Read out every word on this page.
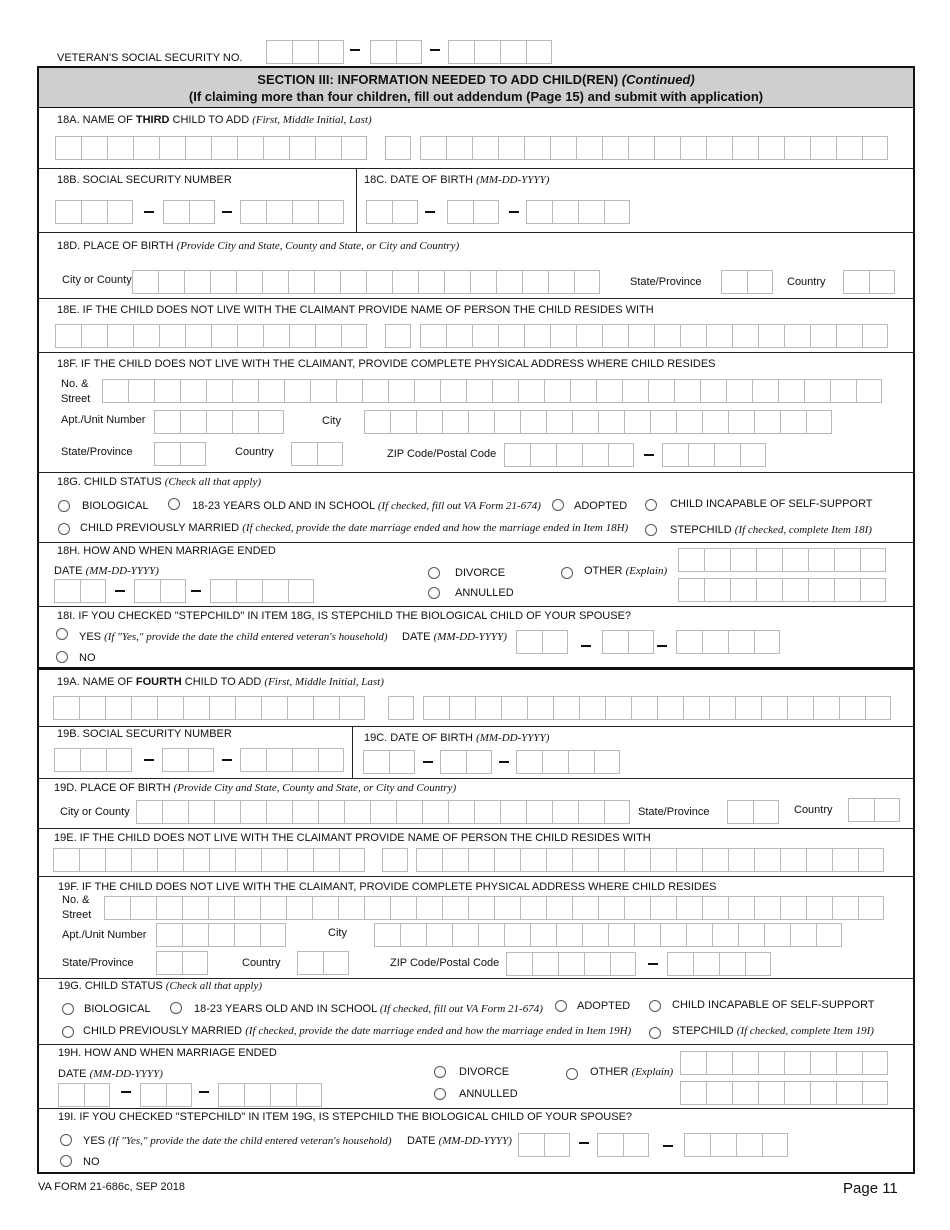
VETERAN'S SOCIAL SECURITY NO.
SECTION III: INFORMATION NEEDED TO ADD CHILD(REN) (Continued)
(If claiming more than four children, fill out addendum (Page 15) and submit with application)
18A. NAME OF THIRD CHILD TO ADD (First, Middle Initial, Last)
18B. SOCIAL SECURITY NUMBER	18C. DATE OF BIRTH (MM-DD-YYYY)
18D. PLACE OF BIRTH (Provide City and State, County and State, or City and Country)
City or County	State/Province	Country
18E. IF THE CHILD DOES NOT LIVE WITH THE CLAIMANT PROVIDE NAME OF PERSON THE CHILD RESIDES WITH
18F. IF THE CHILD DOES NOT LIVE WITH THE CLAIMANT, PROVIDE COMPLETE PHYSICAL ADDRESS WHERE CHILD RESIDES
No. &
Street
Apt./Unit Number	City
State/Province	Country	ZIP Code/Postal Code
18G. CHILD STATUS (Check all that apply)
BIOLOGICAL	18-23 YEARS OLD AND IN SCHOOL (If checked, fill out VA Form 21-674)	ADOPTED	CHILD INCAPABLE OF SELF-SUPPORT
CHILD PREVIOUSLY MARRIED (If checked, provide the date marriage ended and how the marriage ended in Item 18H)	STEPCHILD (If checked, complete Item 18I)
18H. HOW AND WHEN MARRIAGE ENDED
DATE (MM-DD-YYYY)	DIVORCE
ANNULLED
OTHER (Explain)
18I. IF YOU CHECKED "STEPCHILD" IN ITEM 18G, IS STEPCHILD THE BIOLOGICAL CHILD OF YOUR SPOUSE?
YES (If "Yes," provide the date the child entered veteran's household) DATE (MM-DD-YYYY)
NO
19A. NAME OF FOURTH CHILD TO ADD (First, Middle Initial, Last)
19B. SOCIAL SECURITY NUMBER	19C. DATE OF BIRTH (MM-DD-YYYY)
19D. PLACE OF BIRTH (Provide City and State, County and State, or City and Country)
City or County	State/Province	Country
19E. IF THE CHILD DOES NOT LIVE WITH THE CLAIMANT PROVIDE NAME OF PERSON THE CHILD RESIDES WITH
19F. IF THE CHILD DOES NOT LIVE WITH THE CLAIMANT, PROVIDE COMPLETE PHYSICAL ADDRESS WHERE CHILD RESIDES
No. &
Street
Apt./Unit Number	City
State/Province	Country	ZIP Code/Postal Code
19G. CHILD STATUS (Check all that apply)
BIOLOGICAL	18-23 YEARS OLD AND IN SCHOOL (If checked, fill out VA Form 21-674)	ADOPTED	CHILD INCAPABLE OF SELF-SUPPORT
CHILD PREVIOUSLY MARRIED (If checked, provide the date marriage ended and how the marriage ended in Item 19H)	STEPCHILD (If checked, complete Item 19I)
19H. HOW AND WHEN MARRIAGE ENDED
DATE (MM-DD-YYYY)	DIVORCE
ANNULLED
OTHER (Explain)
19I. IF YOU CHECKED "STEPCHILD" IN ITEM 19G, IS STEPCHILD THE BIOLOGICAL CHILD OF YOUR SPOUSE?
YES (If "Yes," provide the date the child entered veteran's household) DATE (MM-DD-YYYY)
NO
VA FORM 21-686c, SEP 2018	Page 11
